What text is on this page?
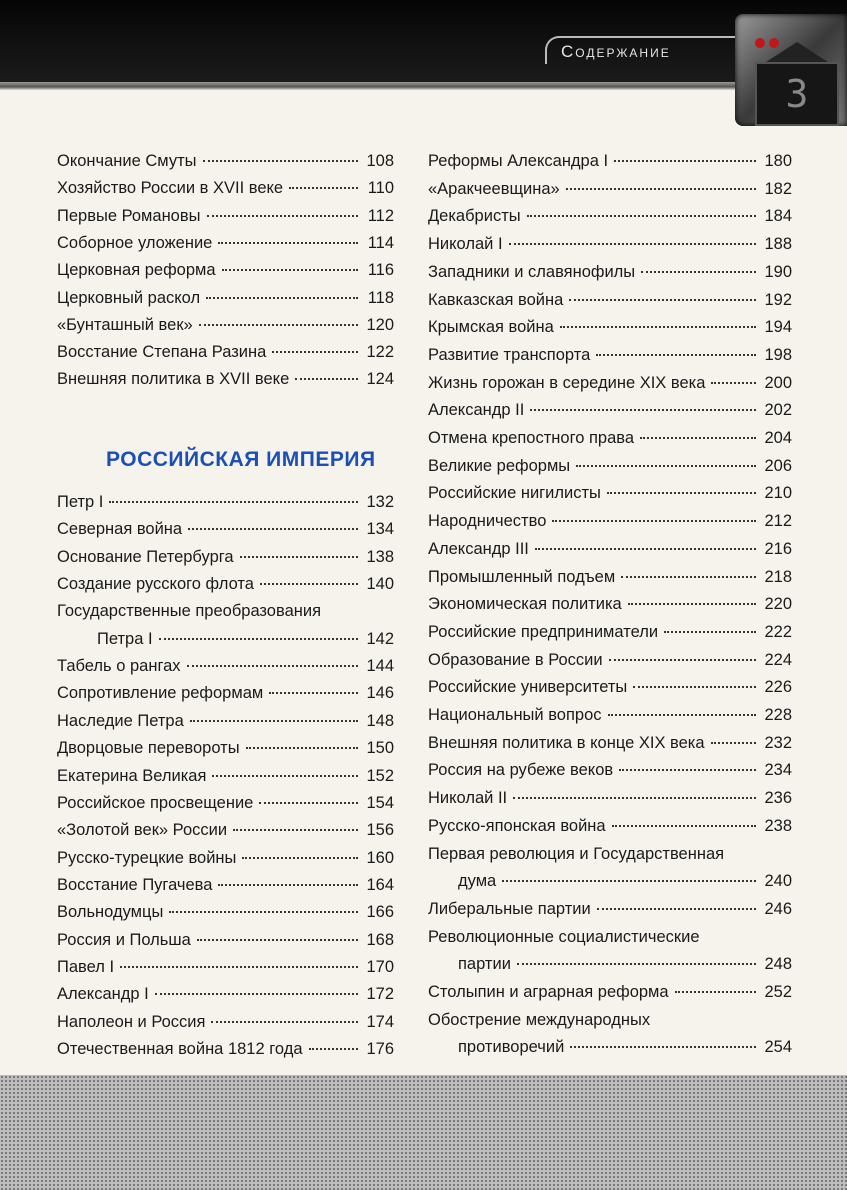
Содержание
3
Окончание Смуты	108
Хозяйство России в XVII веке	110
Первые Романовы	112
Соборное уложение	114
Церковная реформа	116
Церковный раскол	118
«Бунташный век»	120
Восстание Степана Разина	122
Внешняя политика в XVII веке	124
РОССИЙСКАЯ ИМПЕРИЯ
Петр I	132
Северная война	134
Основание Петербурга	138
Создание русского флота	140
Государственные преобразования
Петра I	142
Табель о рангах	144
Сопротивление реформам	146
Наследие Петра	148
Дворцовые перевороты	150
Екатерина Великая	152
Российское просвещение	154
«Золотой век» России	156
Русско-турецкие войны	160
Восстание Пугачева	164
Вольнодумцы	166
Россия и Польша	168
Павел I	170
Александр I	172
Наполеон и Россия	174
Отечественная война 1812 года	176
Реформы Александра I	180
«Аракчеевщина»	182
Декабристы	184
Николай I	188
Западники и славянофилы	190
Кавказская война	192
Крымская война	194
Развитие транспорта	198
Жизнь горожан в середине XIX века	200
Александр II	202
Отмена крепостного права	204
Великие реформы	206
Российские нигилисты	210
Народничество	212
Александр III	216
Промышленный подъем	218
Экономическая политика	220
Российские предприниматели	222
Образование в России	224
Российские университеты	226
Национальный вопрос	228
Внешняя политика в конце XIX века	232
Россия на рубеже веков	234
Николай II	236
Русско-японская война	238
Первая революция и Государственная
дума	240
Либеральные партии	246
Революционные социалистические
партии	248
Столыпин и аграрная реформа	252
Обострение международных
противоречий	254
